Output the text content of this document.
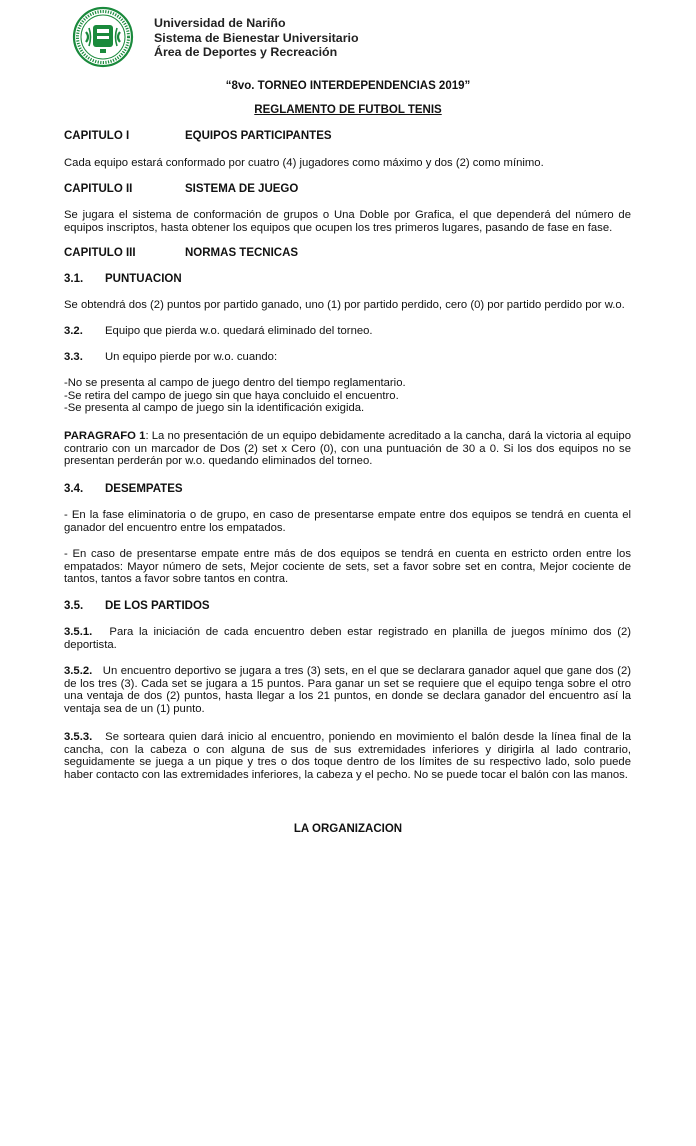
Universidad de Nariño
Sistema de Bienestar Universitario
Área de Deportes y Recreación
“8vo. TORNEO INTERDEPENDENCIAS 2019”
REGLAMENTO DE FUTBOL TENIS
CAPITULO I	EQUIPOS PARTICIPANTES
Cada equipo estará conformado por cuatro (4) jugadores como máximo y dos (2) como mínimo.
CAPITULO II	SISTEMA DE JUEGO
Se jugara el sistema de conformación de grupos o Una Doble por Grafica, el que dependerá del número de equipos inscriptos, hasta obtener los equipos que ocupen los tres primeros lugares, pasando de fase en fase.
CAPITULO III	NORMAS TECNICAS
3.1. PUNTUACION
Se obtendrá dos (2) puntos por partido ganado, uno (1) por partido perdido, cero (0) por partido perdido por w.o.
3.2. Equipo que pierda w.o. quedará eliminado del torneo.
3.3. Un equipo pierde por w.o. cuando:
-No se presenta al campo de juego dentro del tiempo reglamentario.
-Se retira del campo de juego sin que haya concluido el encuentro.
-Se presenta al campo de juego sin la identificación exigida.
PARAGRAFO 1: La no presentación de un equipo debidamente acreditado a la cancha, dará la victoria al equipo contrario con un marcador de Dos (2) set x Cero (0), con una puntuación de 30 a 0. Si los dos equipos no se presentan perderán por w.o. quedando eliminados del torneo.
3.4. DESEMPATES
- En la fase eliminatoria o de grupo, en caso de presentarse empate entre dos equipos se tendrá en cuenta el ganador del encuentro entre los empatados.
- En caso de presentarse empate entre más de dos equipos se tendrá en cuenta en estricto orden entre los empatados: Mayor número de sets, Mejor cociente de sets, set a favor sobre set en contra, Mejor cociente de tantos, tantos a favor sobre tantos en contra.
3.5. DE LOS PARTIDOS
3.5.1. Para la iniciación de cada encuentro deben estar registrado en planilla de juegos mínimo dos (2) deportista.
3.5.2. Un encuentro deportivo se jugara a tres (3) sets, en el que se declarara ganador aquel que gane dos (2) de los tres (3). Cada set se jugara a 15 puntos. Para ganar un set se requiere que el equipo tenga sobre el otro una ventaja de dos (2) puntos, hasta llegar a los 21 puntos, en donde se declara ganador del encuentro así la ventaja sea de un (1) punto.
3.5.3. Se sorteara quien dará inicio al encuentro, poniendo en movimiento el balón desde la línea final de la cancha, con la cabeza o con alguna de sus de sus extremidades inferiores y dirigirla al lado contrario, seguidamente se juega a un pique y tres o dos toque dentro de los límites de su respectivo lado, solo puede haber contacto con las extremidades inferiores, la cabeza y el pecho. No se puede tocar el balón con las manos.
LA ORGANIZACION
